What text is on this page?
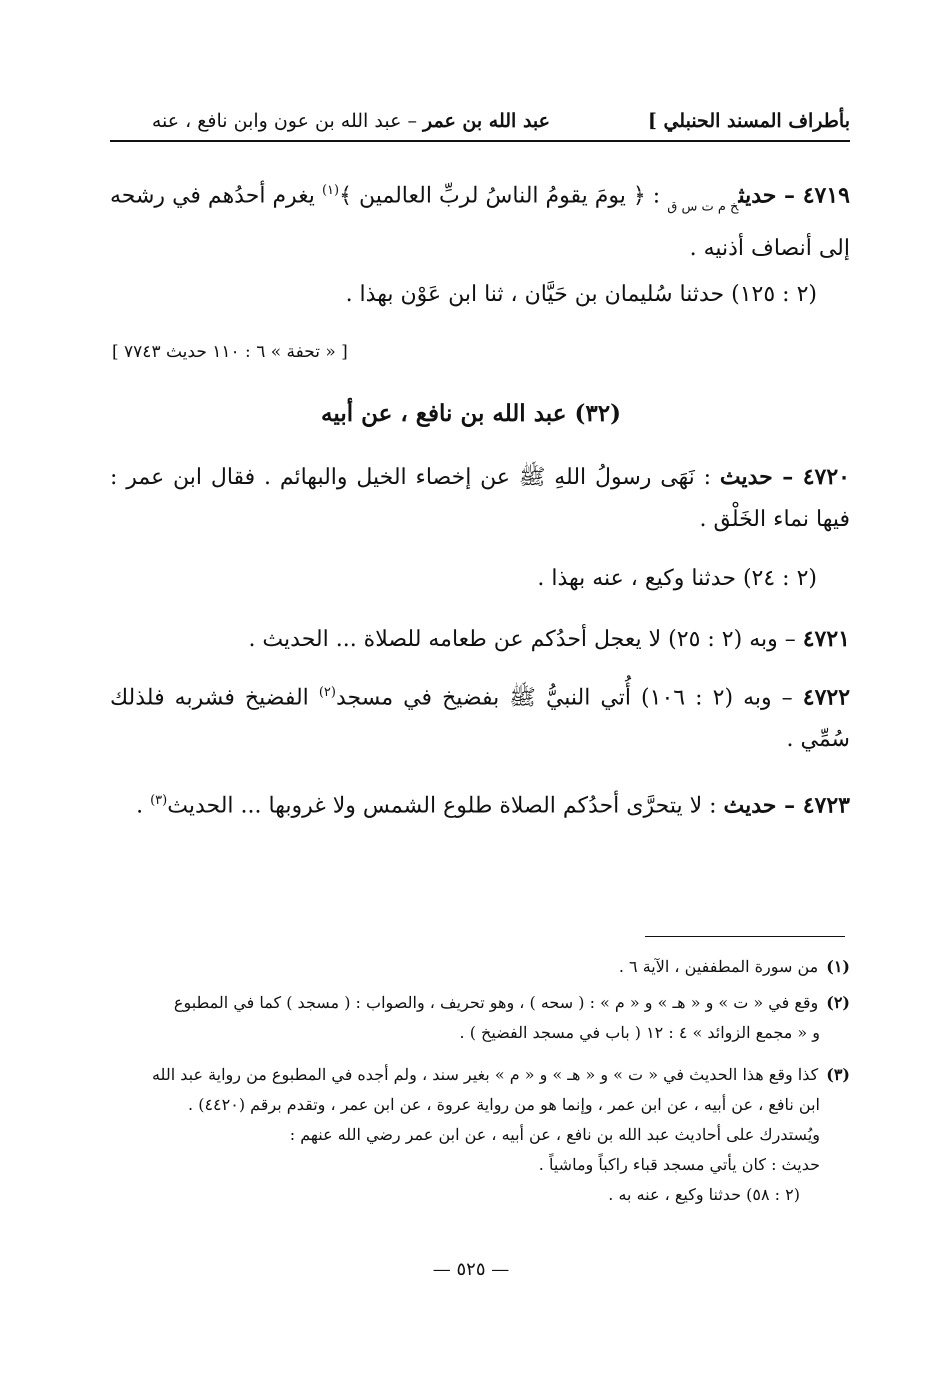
بأطراف المسند الحنبلي ]
عبد الله بن عمر – عبد الله بن عون وابن نافع ، عنه
٤٧١٩ – حديث$_{خ م ت س ق}$ : ﴿ يومَ يقومُ الناسُ لربِّ العالمين ﴾$^{(١)}$ يغرم أحدُهم في رشحه إلى أنصاف أذنيه .
(٢ : ١٢٥) حدثنا سُليمان بن حَيَّان ، ثنا ابن عَوْن بهذا .
[ « تحفة » ٦ : ١١٠ حديث ٧٧٤٣ ]
(٣٢) عبد الله بن نافع ، عن أبيه
٤٧٢٠ – حديث : نَهَى رسولُ اللهِ ﷺ عن إخصاء الخيل والبهائم . فقال ابن عمر : فيها نماء الخَلْق .
(٢ : ٢٤) حدثنا وكيع ، عنه بهذا .
٤٧٢١ – وبه (٢ : ٢٥) لا يعجل أحدُكم عن طعامه للصلاة ... الحديث .
٤٧٢٢ – وبه (٢ : ١٠٦) أُتي النبيُّ ﷺ بفضيخ في مسجد$^{(٢)}$ الفضيخ فشربه فلذلك سُمِّي .
٤٧٢٣ – حديث : لا يتحرَّى أحدُكم الصلاة طلوع الشمس ولا غروبها ... الحديث$^{(٣)}$ .
(١)من سورة المطففين ، الآية ٦ .
(٢)وقع في « ت » و « هـ » و « م » : ( سحه ) ، وهو تحريف ، والصواب : ( مسجد ) كما في المطبوع
و « مجمع الزوائد » ٤ : ١٢ ( باب في مسجد الفضيخ ) .
(٣)كذا وقع هذا الحديث في « ت » و « هـ » و « م » بغير سند ، ولم أجده في المطبوع من رواية عبد الله
ابن نافع ، عن أبيه ، عن ابن عمر ، وإنما هو من رواية عروة ، عن ابن عمر ، وتقدم برقم (٤٤٢٠) .
ويُستدرك على أحاديث عبد الله بن نافع ، عن أبيه ، عن ابن عمر رضي الله عنهم :
حديث : كان يأتي مسجد قباء راكباً وماشياً .
(٢ : ٥٨) حدثنا وكيع ، عنه به .
— ٥٢٥ —
